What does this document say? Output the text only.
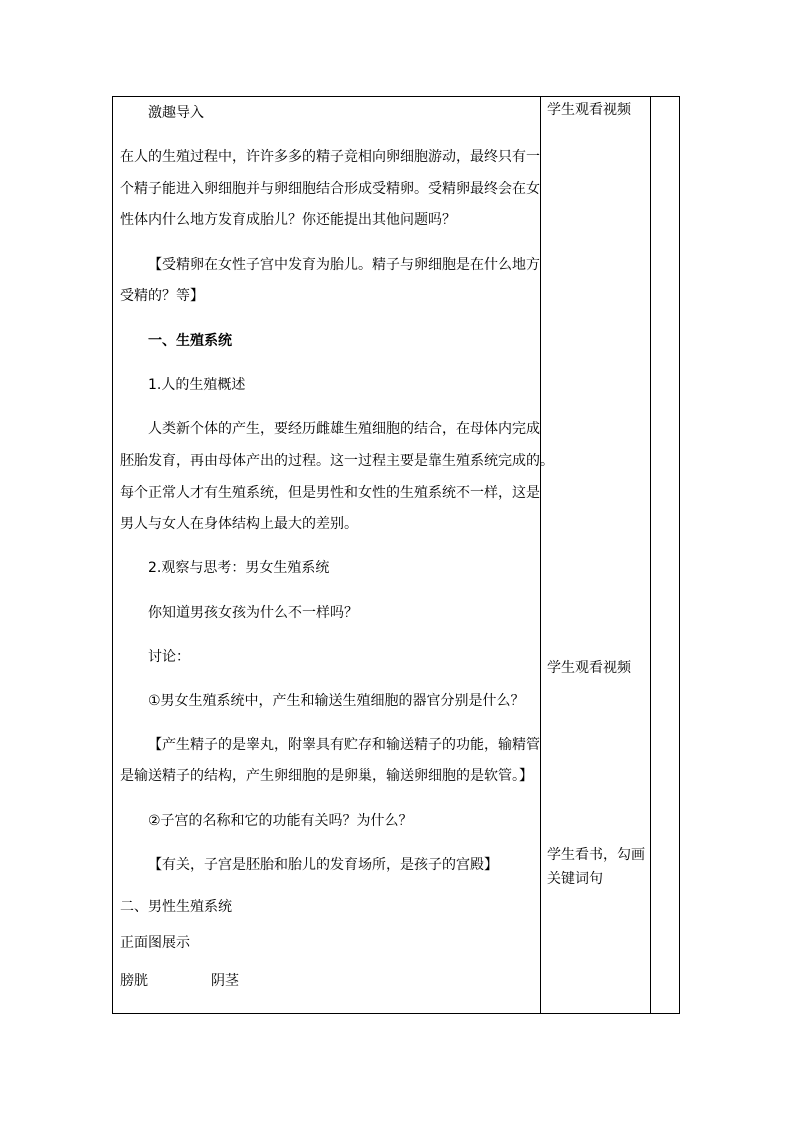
激趣导入
在人的生殖过程中，许许多多的精子竞相向卵细胞游动，最终只有一
个精子能进入卵细胞并与卵细胞结合形成受精卵。受精卵最终会在女
性体内什么地方发育成胎儿？你还能提出其他问题吗？
【受精卵在女性子宫中发育为胎儿。精子与卵细胞是在什么地方
受精的？等】
一、生殖系统
1.人的生殖概述
人类新个体的产生，要经历雌雄生殖细胞的结合，在母体内完成
胚胎发育，再由母体产出的过程。这一过程主要是靠生殖系统完成的。
每个正常人才有生殖系统，但是男性和女性的生殖系统不一样，这是
男人与女人在身体结构上最大的差别。
2.观察与思考：男女生殖系统
你知道男孩女孩为什么不一样吗？
讨论：
①男女生殖系统中，产生和输送生殖细胞的器官分别是什么？
【产生精子的是睾丸，附睾具有贮存和输送精子的功能，输精管
是输送精子的结构，产生卵细胞的是卵巢，输送卵细胞的是软管。】
②子宫的名称和它的功能有关吗？为什么？
【有关，子宫是胚胎和胎儿的发育场所，是孩子的宫殿】
二、男性生殖系统
正面图展示
膀胱	阴茎
学生观看视频
学生观看视频
学生看书，勾画
关键词句
